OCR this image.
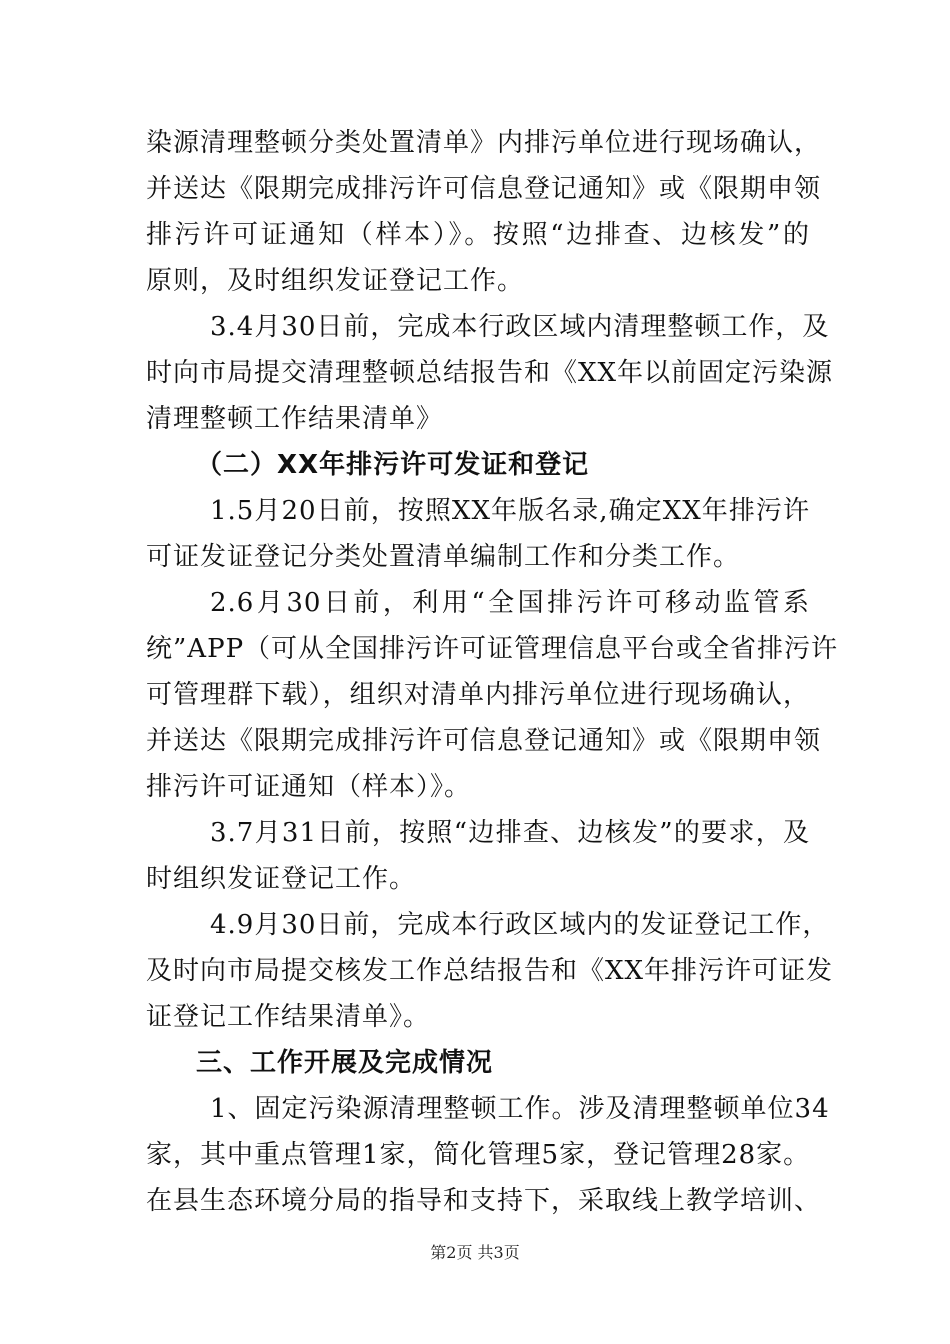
染源清理整顿分类处置清单》内排污单位进行现场确认，
并送达《限期完成排污许可信息登记通知》或《限期申领
排污许可证通知（样本）》。按照“边排查、边核发”的
原则，及时组织发证登记工作。
3.4月30日前，完成本行政区域内清理整顿工作，及
时向市局提交清理整顿总结报告和《XX年以前固定污染源
清理整顿工作结果清单》
（二）XX年排污许可发证和登记
1.5月20日前，按照XX年版名录,确定XX年排污许
可证发证登记分类处置清单编制工作和分类工作。
2.6月30日前，利用“全国排污许可移动监管系
统”APP（可从全国排污许可证管理信息平台或全省排污许
可管理群下载），组织对清单内排污单位进行现场确认，
并送达《限期完成排污许可信息登记通知》或《限期申领
排污许可证通知（样本）》。
3.7月31日前，按照“边排查、边核发”的要求，及
时组织发证登记工作。
4.9月30日前，完成本行政区域内的发证登记工作，
及时向市局提交核发工作总结报告和《XX年排污许可证发
证登记工作结果清单》。
三、工作开展及完成情况
1、固定污染源清理整顿工作。涉及清理整顿单位34
家，其中重点管理1家，简化管理5家，登记管理28家。
在县生态环境分局的指导和支持下，采取线上教学培训、
第2页 共3页
